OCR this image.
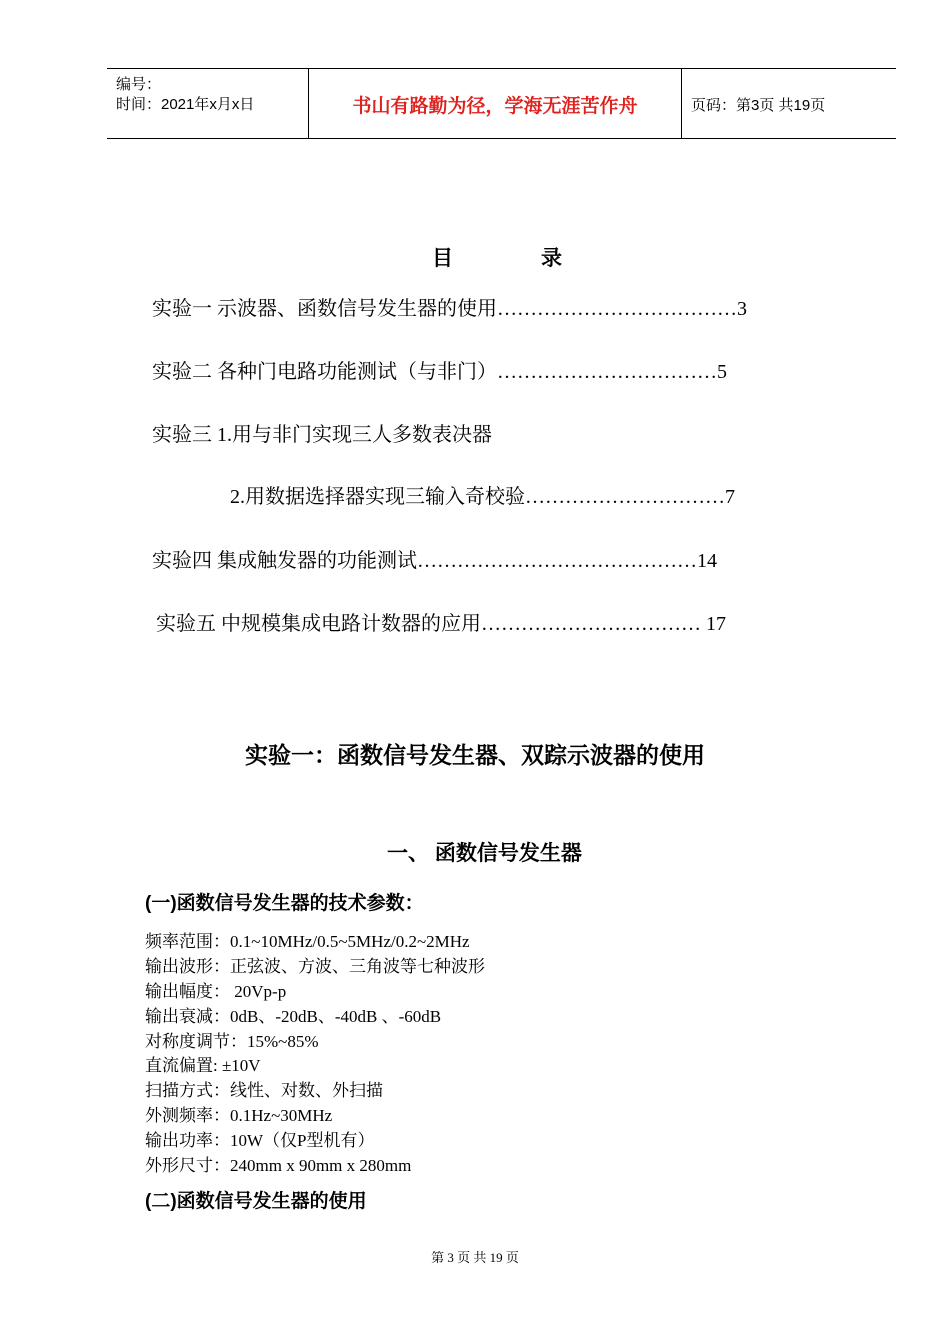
编号：
时间：2021年x月x日	书山有路勤为径，学海无涯苦作舟	页码：第3页 共19页
目	录
实验一 示波器、函数信号发生器的使用………………………………3
实验二 各种门电路功能测试（与非门）……………………………5
实验三 1.用与非门实现三人多数表决器
2.用数据选择器实现三输入奇校验…………………………7
实验四 集成触发器的功能测试……………………………………14
实验五 中规模集成电路计数器的应用…………………………… 17
实验一：函数信号发生器、双踪示波器的使用
一、 函数信号发生器
(一)函数信号发生器的技术参数：
频率范围：0.1~10MHz/0.5~5MHz/0.2~2MHz
输出波形：正弦波、方波、三角波等七种波形
输出幅度： 20Vp-p
输出衰减：0dB、-20dB、-40dB 、-60dB
对称度调节：15%~85%
直流偏置: ±10V
扫描方式：线性、对数、外扫描
外测频率：0.1Hz~30MHz
输出功率：10W（仅P型机有）
外形尺寸：240mm x 90mm x 280mm
(二)函数信号发生器的使用
第 3 页 共 19 页
